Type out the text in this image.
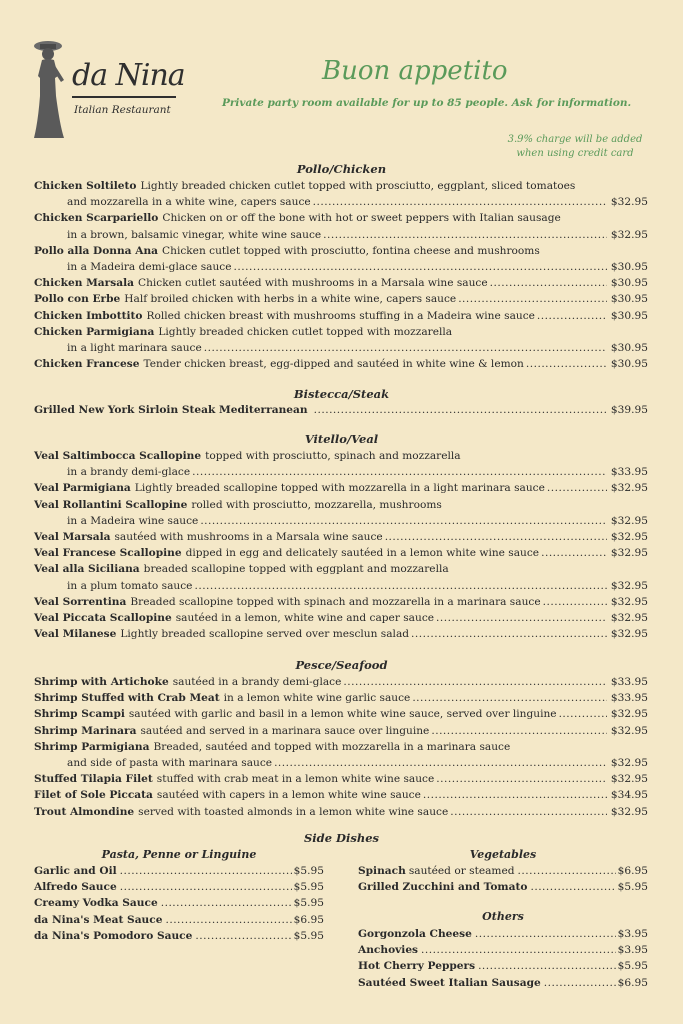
da Nina
Italian Restaurant
Buon appetito
Private party room available for up to 85 people. Ask for information.
3.9% charge will be added
when using credit card
Pollo/Chicken
Bistecca/Steak
Vitello/Veal
Pesce/Seafood
Side Dishes
Chicken Soltileto Lightly breaded chicken cutlet topped with prosciutto, eggplant, sliced tomatoes
and mozzarella in a white wine, capers sauce .....	$32.95
Chicken Scarpariello Chicken on or off the bone with hot or sweet peppers with Italian sausage
in a brown, balsamic vinegar, white wine sauce .....	$32.95
Pollo alla Donna Ana Chicken cutlet topped with prosciutto, fontina cheese and mushrooms
in a Madeira demi-glace sauce .....	$30.95
Chicken Marsala Chicken cutlet sautéed with mushrooms in a Marsala wine sauce .....	$30.95
Pollo con Erbe Half broiled chicken with herbs in a white wine, capers sauce .....	$30.95
Chicken Imbottito Rolled chicken breast with mushrooms stuffing in a Madeira wine sauce .....	$30.95
Chicken Parmigiana Lightly breaded chicken cutlet topped with mozzarella
in a light marinara sauce .....	$30.95
Chicken Francese Tender chicken breast, egg-dipped and sautéed in white wine & lemon .....	$30.95
Grilled New York Sirloin Steak Mediterranean .....	$39.95
Veal Saltimbocca Scallopine topped with prosciutto, spinach and mozzarella
in a brandy demi-glace .....	$33.95
Veal Parmigiana Lightly breaded scallopine topped with mozzarella in a light marinara sauce .....	$32.95
Veal Rollantini Scallopine rolled with prosciutto, mozzarella, mushrooms
in a Madeira wine sauce .....	$32.95
Veal Marsala sautéed with mushrooms in a Marsala wine sauce .....	$32.95
Veal Francese Scallopine dipped in egg and delicately sautéed in a lemon white wine sauce .....	$32.95
Veal alla Siciliana breaded scallopine topped with eggplant and mozzarella
in a plum tomato sauce .....	$32.95
Veal Sorrentina Breaded scallopine topped with spinach and mozzarella in a marinara sauce .....	$32.95
Veal Piccata Scallopine sautéed in a lemon, white wine and caper sauce .....	$32.95
Veal Milanese Lightly breaded scallopine served over mesclun salad .....	$32.95
Shrimp with Artichoke sautéed in a brandy demi-glace .....	$33.95
Shrimp Stuffed with Crab Meat in a lemon white wine garlic sauce .....	$33.95
Shrimp Scampi sautéed with garlic and basil in a lemon white wine sauce, served over linguine .....	$32.95
Shrimp Marinara sautéed and served in a marinara sauce over linguine .....	$32.95
Shrimp Parmigiana Breaded, sautéed and topped with mozzarella in a marinara sauce
and side of pasta with marinara sauce .....	$32.95
Stuffed Tilapia Filet stuffed with crab meat in a lemon white wine sauce .....	$32.95
Filet of Sole Piccata sautéed with capers in a lemon white wine sauce .....	$34.95
Trout Almondine served with toasted almonds in a lemon white wine sauce .....	$32.95
Pasta, Penne or Linguine	Vegetables
Others
Garlic and Oil .....	$5.95
Alfredo Sauce .....	$5.95
Creamy Vodka Sauce .....	$5.95
da Nina's Meat Sauce .....	$6.95
da Nina's Pomodoro Sauce .....	$5.95
Spinach sautéed or steamed .....	$6.95
Grilled Zucchini and Tomato .....	$5.95
Gorgonzola Cheese .....	$3.95
Anchovies .....	$3.95
Hot Cherry Peppers .....	$5.95
Sautéed Sweet Italian Sausage .....	$6.95
